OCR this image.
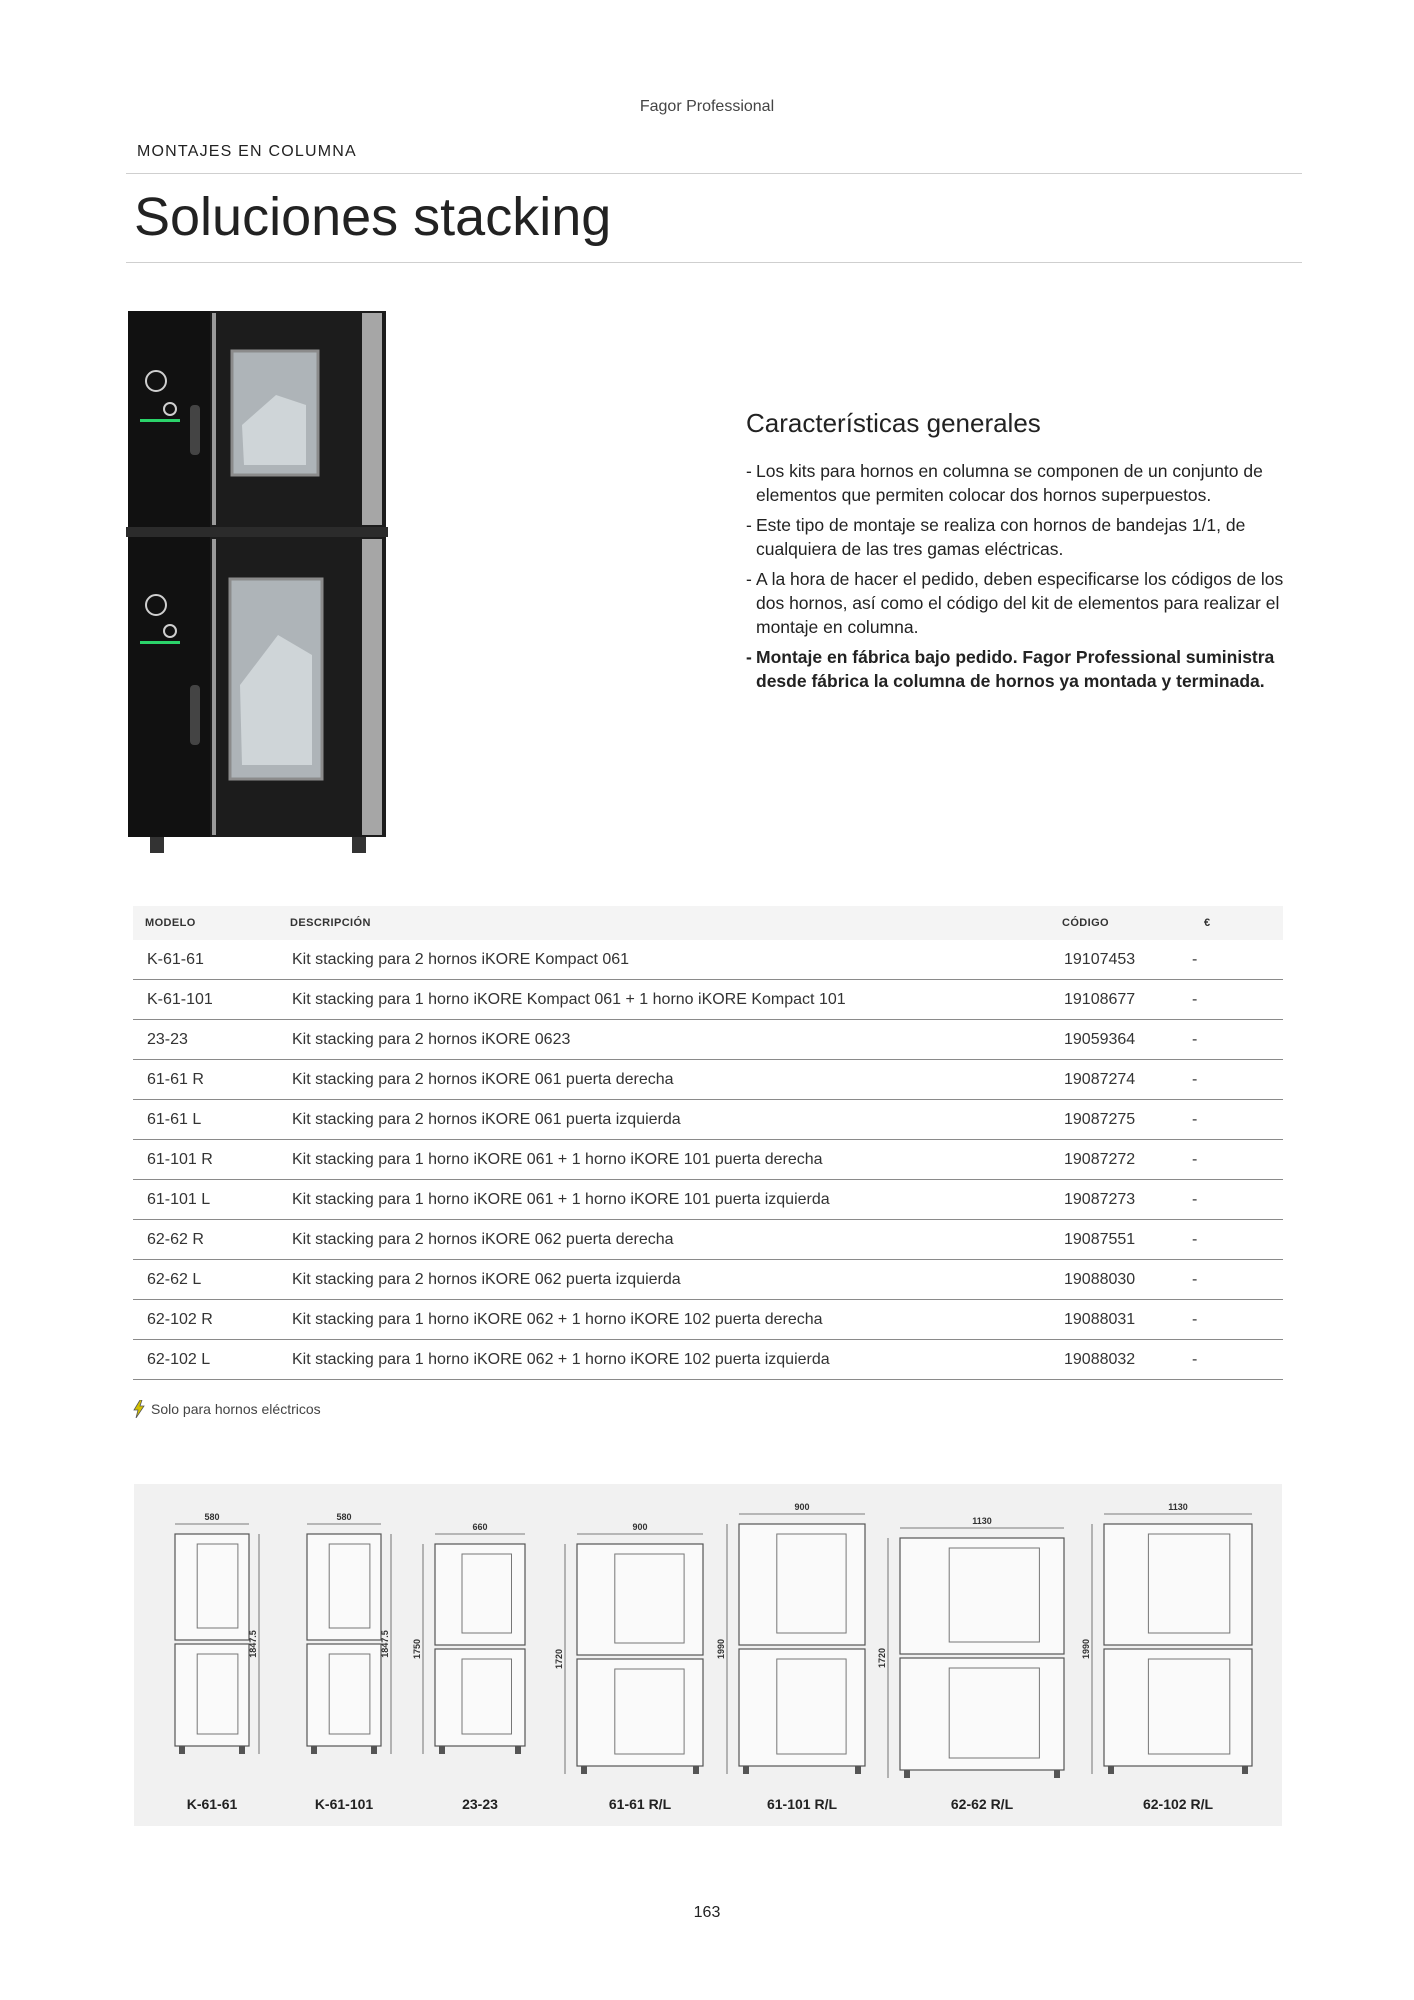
Fagor Professional
MONTAJES EN COLUMNA
Soluciones stacking
Características generales
- Los kits para hornos en columna se componen de un conjunto de elementos que permiten colocar dos hornos superpuestos.
- Este tipo de montaje se realiza con hornos de bandejas 1/1, de cualquiera de las tres gamas eléctricas.
- A la hora de hacer el pedido, deben especificarse los códigos de los dos hornos, así como el código del kit de elementos para realizar el montaje en columna.
- Montaje en fábrica bajo pedido. Fagor Professional suministra desde fábrica la columna de hornos ya montada y terminada.
MODELO	DESCRIPCIÓN	CÓDIGO	€
K-61-61	Kit stacking para 2 hornos iKORE Kompact 061	19107453	-
K-61-101	Kit stacking para 1 horno iKORE Kompact 061 + 1 horno iKORE Kompact 101	19108677	-
23-23	Kit stacking para 2 hornos iKORE 0623	19059364	-
61-61 R	Kit stacking para 2 hornos iKORE 061 puerta derecha	19087274	-
61-61 L	Kit stacking para 2 hornos iKORE 061 puerta izquierda	19087275	-
61-101 R	Kit stacking para 1 horno iKORE 061 + 1 horno iKORE 101 puerta derecha	19087272	-
61-101 L	Kit stacking para 1 horno iKORE 061 + 1 horno iKORE 101 puerta izquierda	19087273	-
62-62 R	Kit stacking para 2 hornos iKORE 062 puerta derecha	19087551	-
62-62 L	Kit stacking para 2 hornos iKORE 062 puerta izquierda	19088030	-
62-102 R	Kit stacking para 1 horno iKORE 062 + 1 horno iKORE 102 puerta derecha	19088031	-
62-102 L	Kit stacking para 1 horno iKORE 062 + 1 horno iKORE 102 puerta izquierda	19088032	-
Solo para hornos eléctricos
580
1847.5
580
1847.5
660
1750
900
1720
900
1990
1130
1720
1130
1990
K-61-61	K-61-101	23-23	61-61 R/L	61-101 R/L	62-62 R/L	62-102 R/L
163
